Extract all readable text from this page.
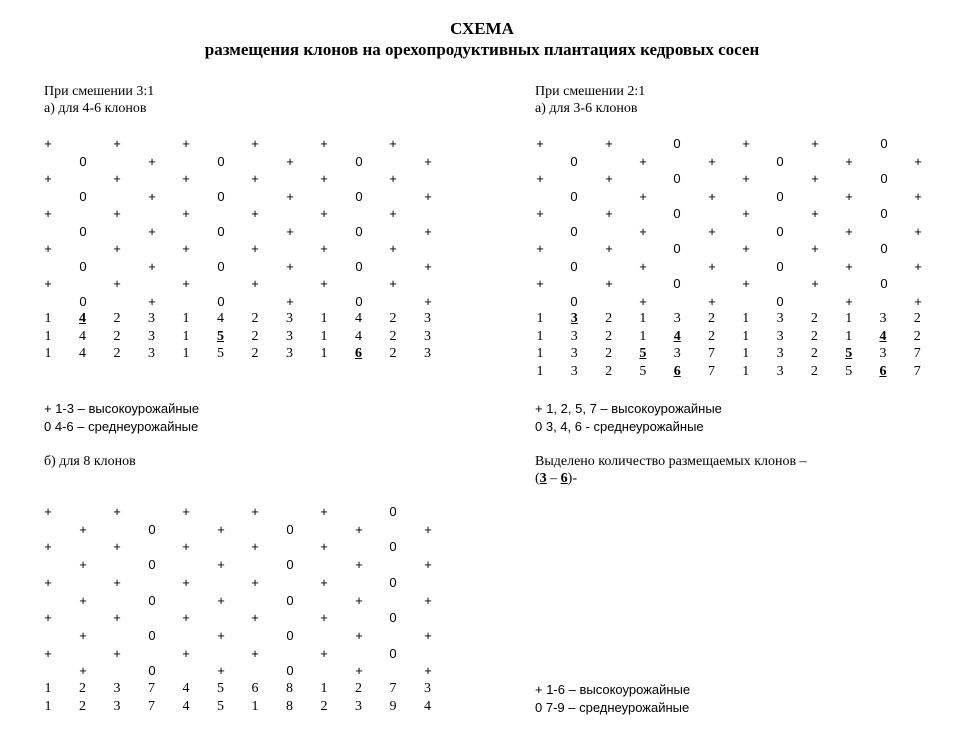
СХЕМА
размещения клонов на орехопродуктивных плантациях кедровых сосен
При смешении 3:1
а) для 4-6 клонов
При смешении 2:1
а) для 3-6 клонов
+	+	+	+	+	+
0	+	0	+	0	+
+	+	+	+	+	+
0	+	0	+	0	+
+	+	+	+	+	+
0	+	0	+	0	+
+	+	+	+	+	+
0	+	0	+	0	+
+	+	+	+	+	+
0	+	0	+	0	+
1	4	2	3	1	4	2	3	1	4	2	3
1	4	2	3	1	5	2	3	1	4	2	3
1	4	2	3	1	5	2	3	1	6	2	3
+	+	0	+	+	0
0	+	+	0	+	+
+	+	0	+	+	0
0	+	+	0	+	+
+	+	0	+	+	0
0	+	+	0	+	+
+	+	0	+	+	0
0	+	+	0	+	+
+	+	0	+	+	0
0	+	+	0	+	+
1	3	2	1	3	2	1	3	2	1	3	2
1	3	2	1	4	2	1	3	2	1	4	2
1	3	2	5	3	7	1	3	2	5	3	7
1	3	2	5	6	7	1	3	2	5	6	7
+	+	+	+	+	0
+	0	+	0	+	+
+	+	+	+	+	0
+	0	+	0	+	+
+	+	+	+	+	0
+	0	+	0	+	+
+	+	+	+	+	0
+	0	+	0	+	+
+	+	+	+	+	0
+	0	+	0	+	+
1	2	3	7	4	5	6	8	1	2	7	3
1	2	3	7	4	5	1	8	2	3	9	4
+ 1-3 – высокоурожайные
0 4-6 – среднеурожайные
+ 1, 2, 5, 7 – высокоурожайные
0 3, 4, 6 - среднеурожайные
б) для 8 клонов	Выделено количество размещаемых клонов –
(3 – 6)-
+ 1-6 – высокоурожайные
0 7-9 – среднеурожайные
